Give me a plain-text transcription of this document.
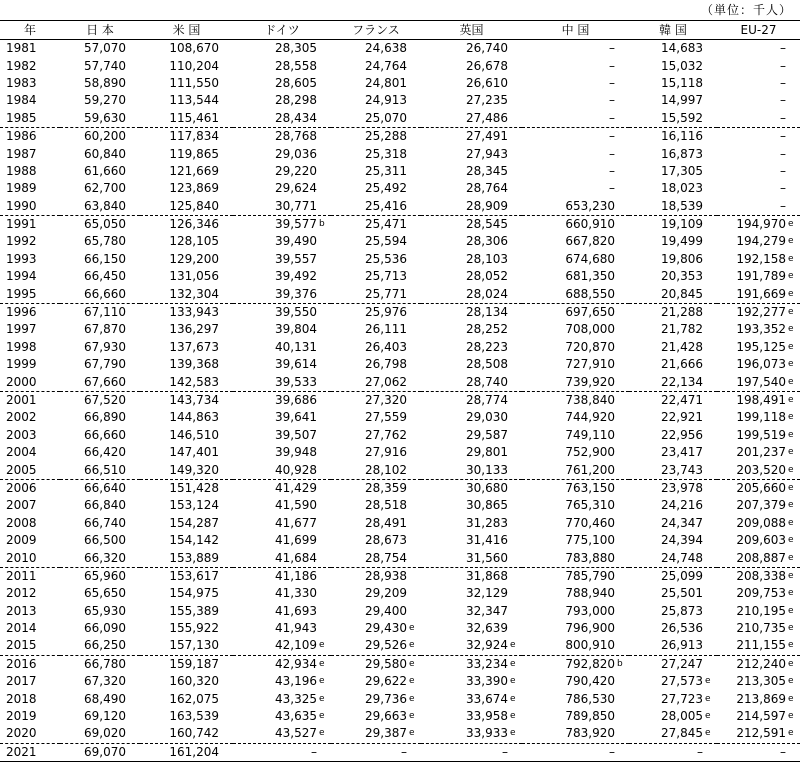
（単位：千人）
年	日 本	米 国	ドイツ	フランス	英国	中 国	韓 国	EU-27
1981	57,070	108,670	28,305	24,638	26,740	–	14,683	–
1982	57,740	110,204	28,558	24,764	26,678	–	15,032	–
1983	58,890	111,550	28,605	24,801	26,610	–	15,118	–
1984	59,270	113,544	28,298	24,913	27,235	–	14,997	–
1985	59,630	115,461	28,434	25,070	27,486	–	15,592	–
1986	60,200	117,834	28,768	25,288	27,491	–	16,116	–
1987	60,840	119,865	29,036	25,318	27,943	–	16,873	–
1988	61,660	121,669	29,220	25,311	28,345	–	17,305	–
1989	62,700	123,869	29,624	25,492	28,764	–	18,023	–
1990	63,840	125,840	30,771	25,416	28,909	653,230	18,539	–
1991	65,050	126,346	39,577 b	25,471	28,545	660,910	19,109	194,970 e
1992	65,780	128,105	39,490	25,594	28,306	667,820	19,499	194,279 e
1993	66,150	129,200	39,557	25,536	28,103	674,680	19,806	192,158 e
1994	66,450	131,056	39,492	25,713	28,052	681,350	20,353	191,789 e
1995	66,660	132,304	39,376	25,771	28,024	688,550	20,845	191,669 e
1996	67,110	133,943	39,550	25,976	28,134	697,650	21,288	192,277 e
1997	67,870	136,297	39,804	26,111	28,252	708,000	21,782	193,352 e
1998	67,930	137,673	40,131	26,403	28,223	720,870	21,428	195,125 e
1999	67,790	139,368	39,614	26,798	28,508	727,910	21,666	196,073 e
2000	67,660	142,583	39,533	27,062	28,740	739,920	22,134	197,540 e
2001	67,520	143,734	39,686	27,320	28,774	738,840	22,471	198,491 e
2002	66,890	144,863	39,641	27,559	29,030	744,920	22,921	199,118 e
2003	66,660	146,510	39,507	27,762	29,587	749,110	22,956	199,519 e
2004	66,420	147,401	39,948	27,916	29,801	752,900	23,417	201,237 e
2005	66,510	149,320	40,928	28,102	30,133	761,200	23,743	203,520 e
2006	66,640	151,428	41,429	28,359	30,680	763,150	23,978	205,660 e
2007	66,840	153,124	41,590	28,518	30,865	765,310	24,216	207,379 e
2008	66,740	154,287	41,677	28,491	31,283	770,460	24,347	209,088 e
2009	66,500	154,142	41,699	28,673	31,416	775,100	24,394	209,603 e
2010	66,320	153,889	41,684	28,754	31,560	783,880	24,748	208,887 e
2011	65,960	153,617	41,186	28,938	31,868	785,790	25,099	208,338 e
2012	65,650	154,975	41,330	29,209	32,129	788,940	25,501	209,753 e
2013	65,930	155,389	41,693	29,400	32,347	793,000	25,873	210,195 e
2014	66,090	155,922	41,943	29,430 e	32,639	796,900	26,536	210,735 e
2015	66,250	157,130	42,109 e	29,526 e	32,924 e	800,910	26,913	211,155 e
2016	66,780	159,187	42,934 e	29,580 e	33,234 e	792,820 b	27,247	212,240 e
2017	67,320	160,320	43,196 e	29,622 e	33,390 e	790,420	27,573 e	213,305 e
2018	68,490	162,075	43,325 e	29,736 e	33,674 e	786,530	27,723 e	213,869 e
2019	69,120	163,539	43,635 e	29,663 e	33,958 e	789,850	28,005 e	214,597 e
2020	69,020	160,742	43,527 e	29,387 e	33,933 e	783,920	27,845 e	212,591 e
2021	69,070	161,204	–	–	–	–	–	–
